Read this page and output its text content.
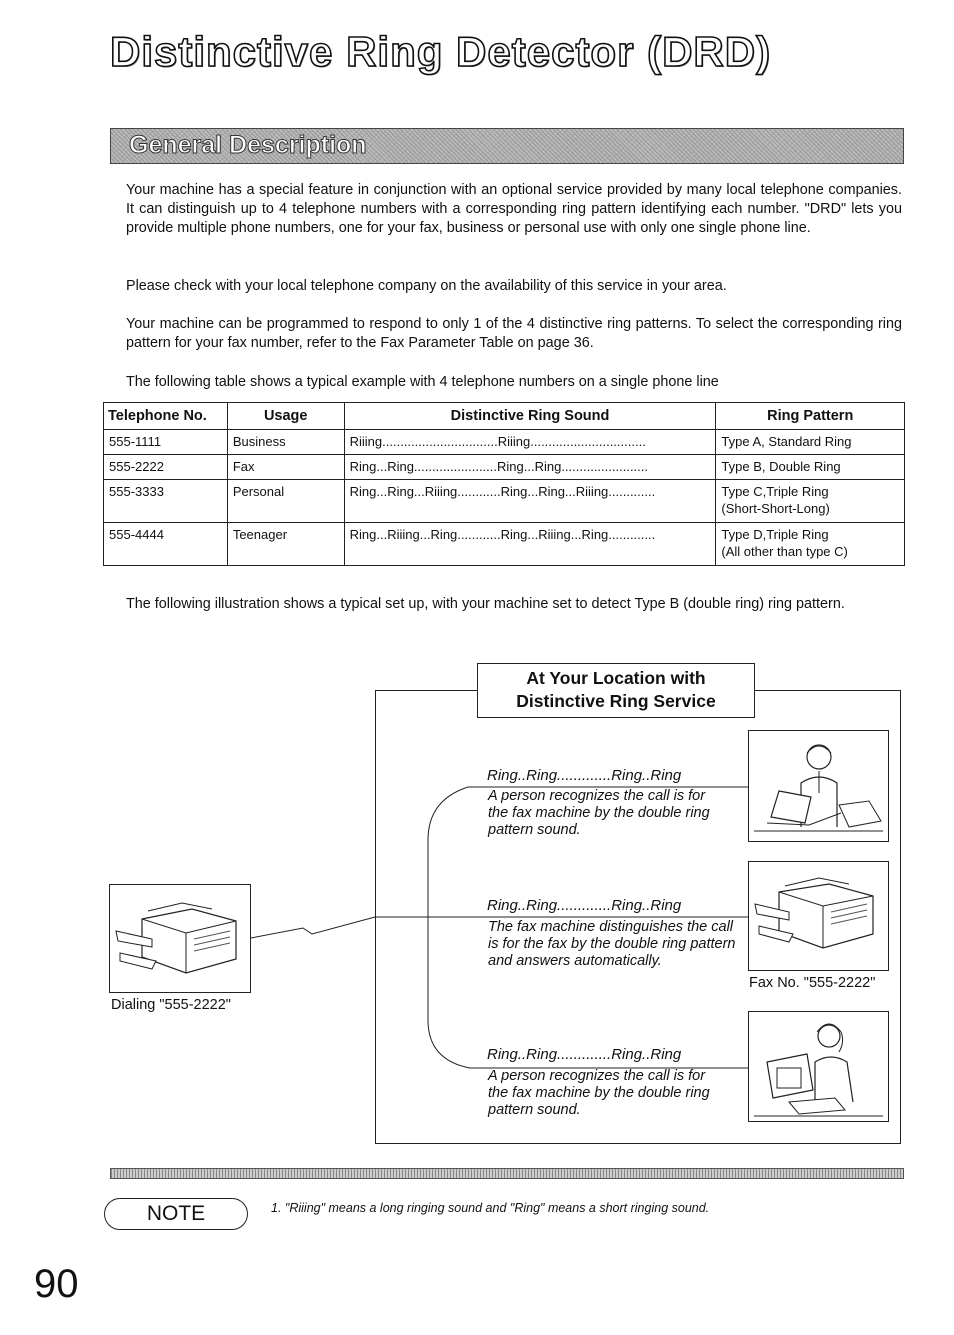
Distinctive Ring Detector (DRD)
General Description
Your machine has a special feature in conjunction with an optional service provided by many local telephone companies. It can distinguish up to 4 telephone numbers with a corresponding ring pattern identifying each number. "DRD" lets you provide multiple phone numbers, one for your fax, business or personal use with only one single phone line.
Please check with your local telephone company on the availability of this service in your area.
Your machine can be programmed to respond to only 1 of the 4 distinctive ring patterns. To select the corresponding ring pattern for your fax number, refer to the Fax Parameter Table on page 36.
The following table shows a typical example with 4 telephone numbers on a single phone line
Telephone No.	Usage	Distinctive Ring Sound	Ring Pattern
555-1111	Business	Riiing................................Riiing................................	Type A, Standard Ring

555-2222	Fax	Ring...Ring.......................Ring...Ring........................	Type B, Double Ring

555-3333	Personal	Ring...Ring...Riiing............Ring...Ring...Riiing.............	Type C,Triple Ring
(Short-Short-Long)

555-4444	Teenager	Ring...Riiing...Ring............Ring...Riiing...Ring.............	Type D,Triple Ring
(All other than type C)
The following illustration shows a typical set up, with your machine set to detect Type B (double ring) ring pattern.
At Your Location with
Distinctive Ring Service
Ring..Ring.............Ring..Ring
A person recognizes the call is for the fax machine by the double ring pattern sound.
Ring..Ring.............Ring..Ring
The fax machine distinguishes the call is for the fax by the double ring pattern and answers automatically.
Fax No. "555-2222"
Ring..Ring.............Ring..Ring
A person recognizes the call is for the fax machine by the double ring pattern sound.
Dialing "555-2222"
NOTE	1. "Riiing" means a long ringing sound and "Ring" means a short ringing sound.
90
